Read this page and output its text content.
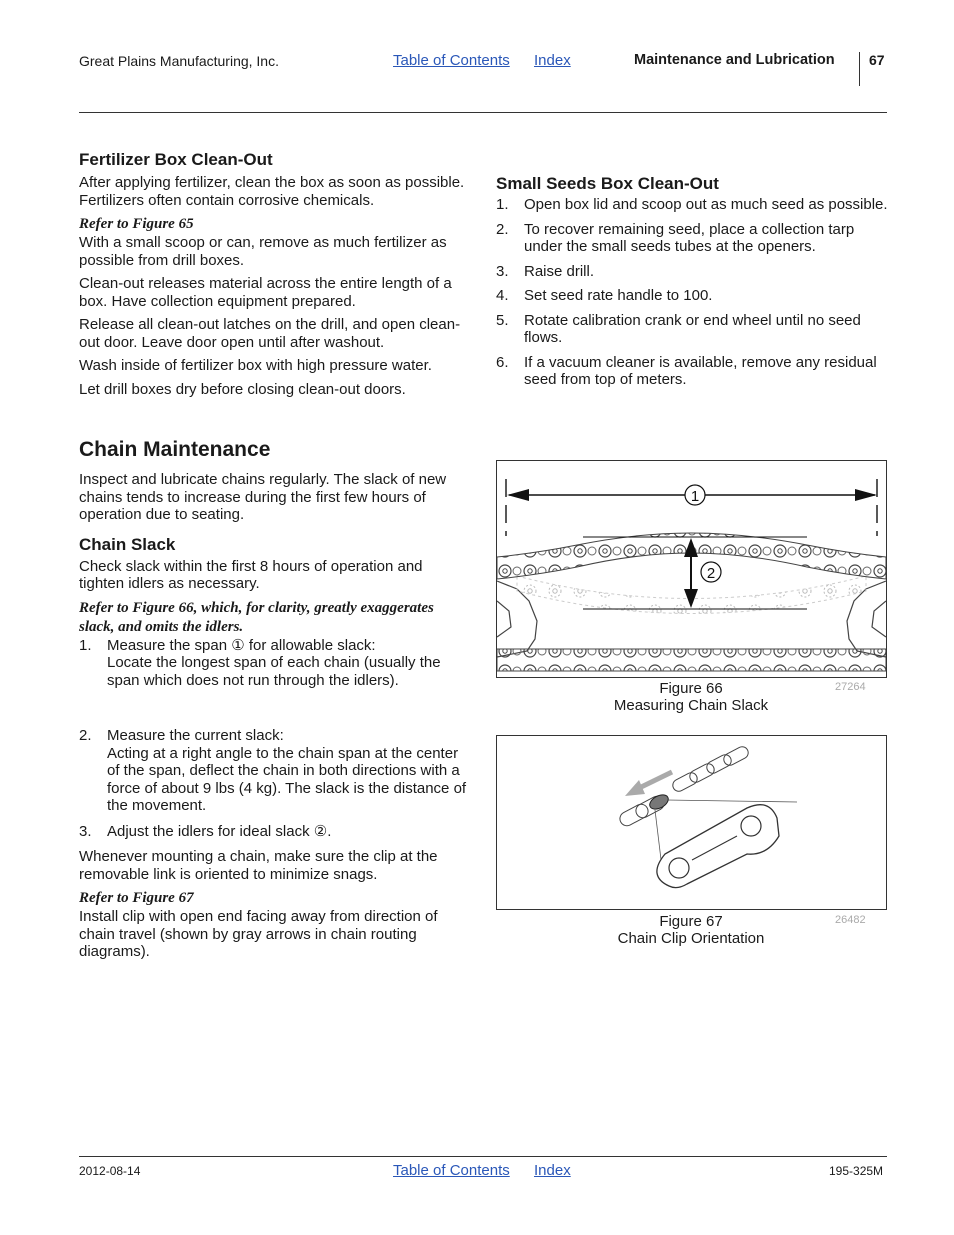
Great Plains Manufacturing, Inc.	Table of Contents Index	Maintenance and Lubrication 67
Fertilizer Box Clean-Out

After applying fertilizer, clean the box as soon as possible. Fertilizers often contain corrosive chemicals.

Refer to Figure 65

With a small scoop or can, remove as much fertilizer as possible from drill boxes.

Clean-out releases material across the entire length of a box. Have collection equipment prepared.

Release all clean-out latches on the drill, and open clean-out door. Leave door open until after washout.

Wash inside of fertilizer box with high pressure water.

Let drill boxes dry before closing clean-out doors.

Chain Maintenance

Inspect and lubricate chains regularly. The slack of new chains tends to increase during the first few hours of operation due to seating.

Chain Slack

Check slack within the first 8 hours of operation and tighten idlers as necessary.

Refer to Figure 66, which, for clarity, greatly exaggerates slack, and omits the idlers.
1. Measure the span ① for allowable slack:
Locate the longest span of each chain (usually the span which does not run through the idlers).
2. Measure the current slack:
Acting at a right angle to the chain span at the center of the span, deflect the chain in both directions with a force of about 9 lbs (4 kg). The slack is the distance of the movement.
3. Adjust the idlers for ideal slack ②.

Whenever mounting a chain, make sure the clip at the removable link is oriented to minimize snags.

Refer to Figure 67

Install clip with open end facing away from direction of chain travel (shown by gray arrows in chain routing diagrams).

Small Seeds Box Clean-Out
1. Open box lid and scoop out as much seed as possible.
2. To recover remaining seed, place a collection tarp under the small seeds tubes at the openers.
3. Raise drill.
4. Set seed rate handle to 100.
5. Rotate calibration crank or end wheel until no seed flows.
6. If a vacuum cleaner is available, remove any residual seed from top of meters.
1
2
Figure 66
Measuring Chain Slack
27264
Figure 67
Chain Clip Orientation
26482
2012-08-14	Table of Contents Index	195-325M
